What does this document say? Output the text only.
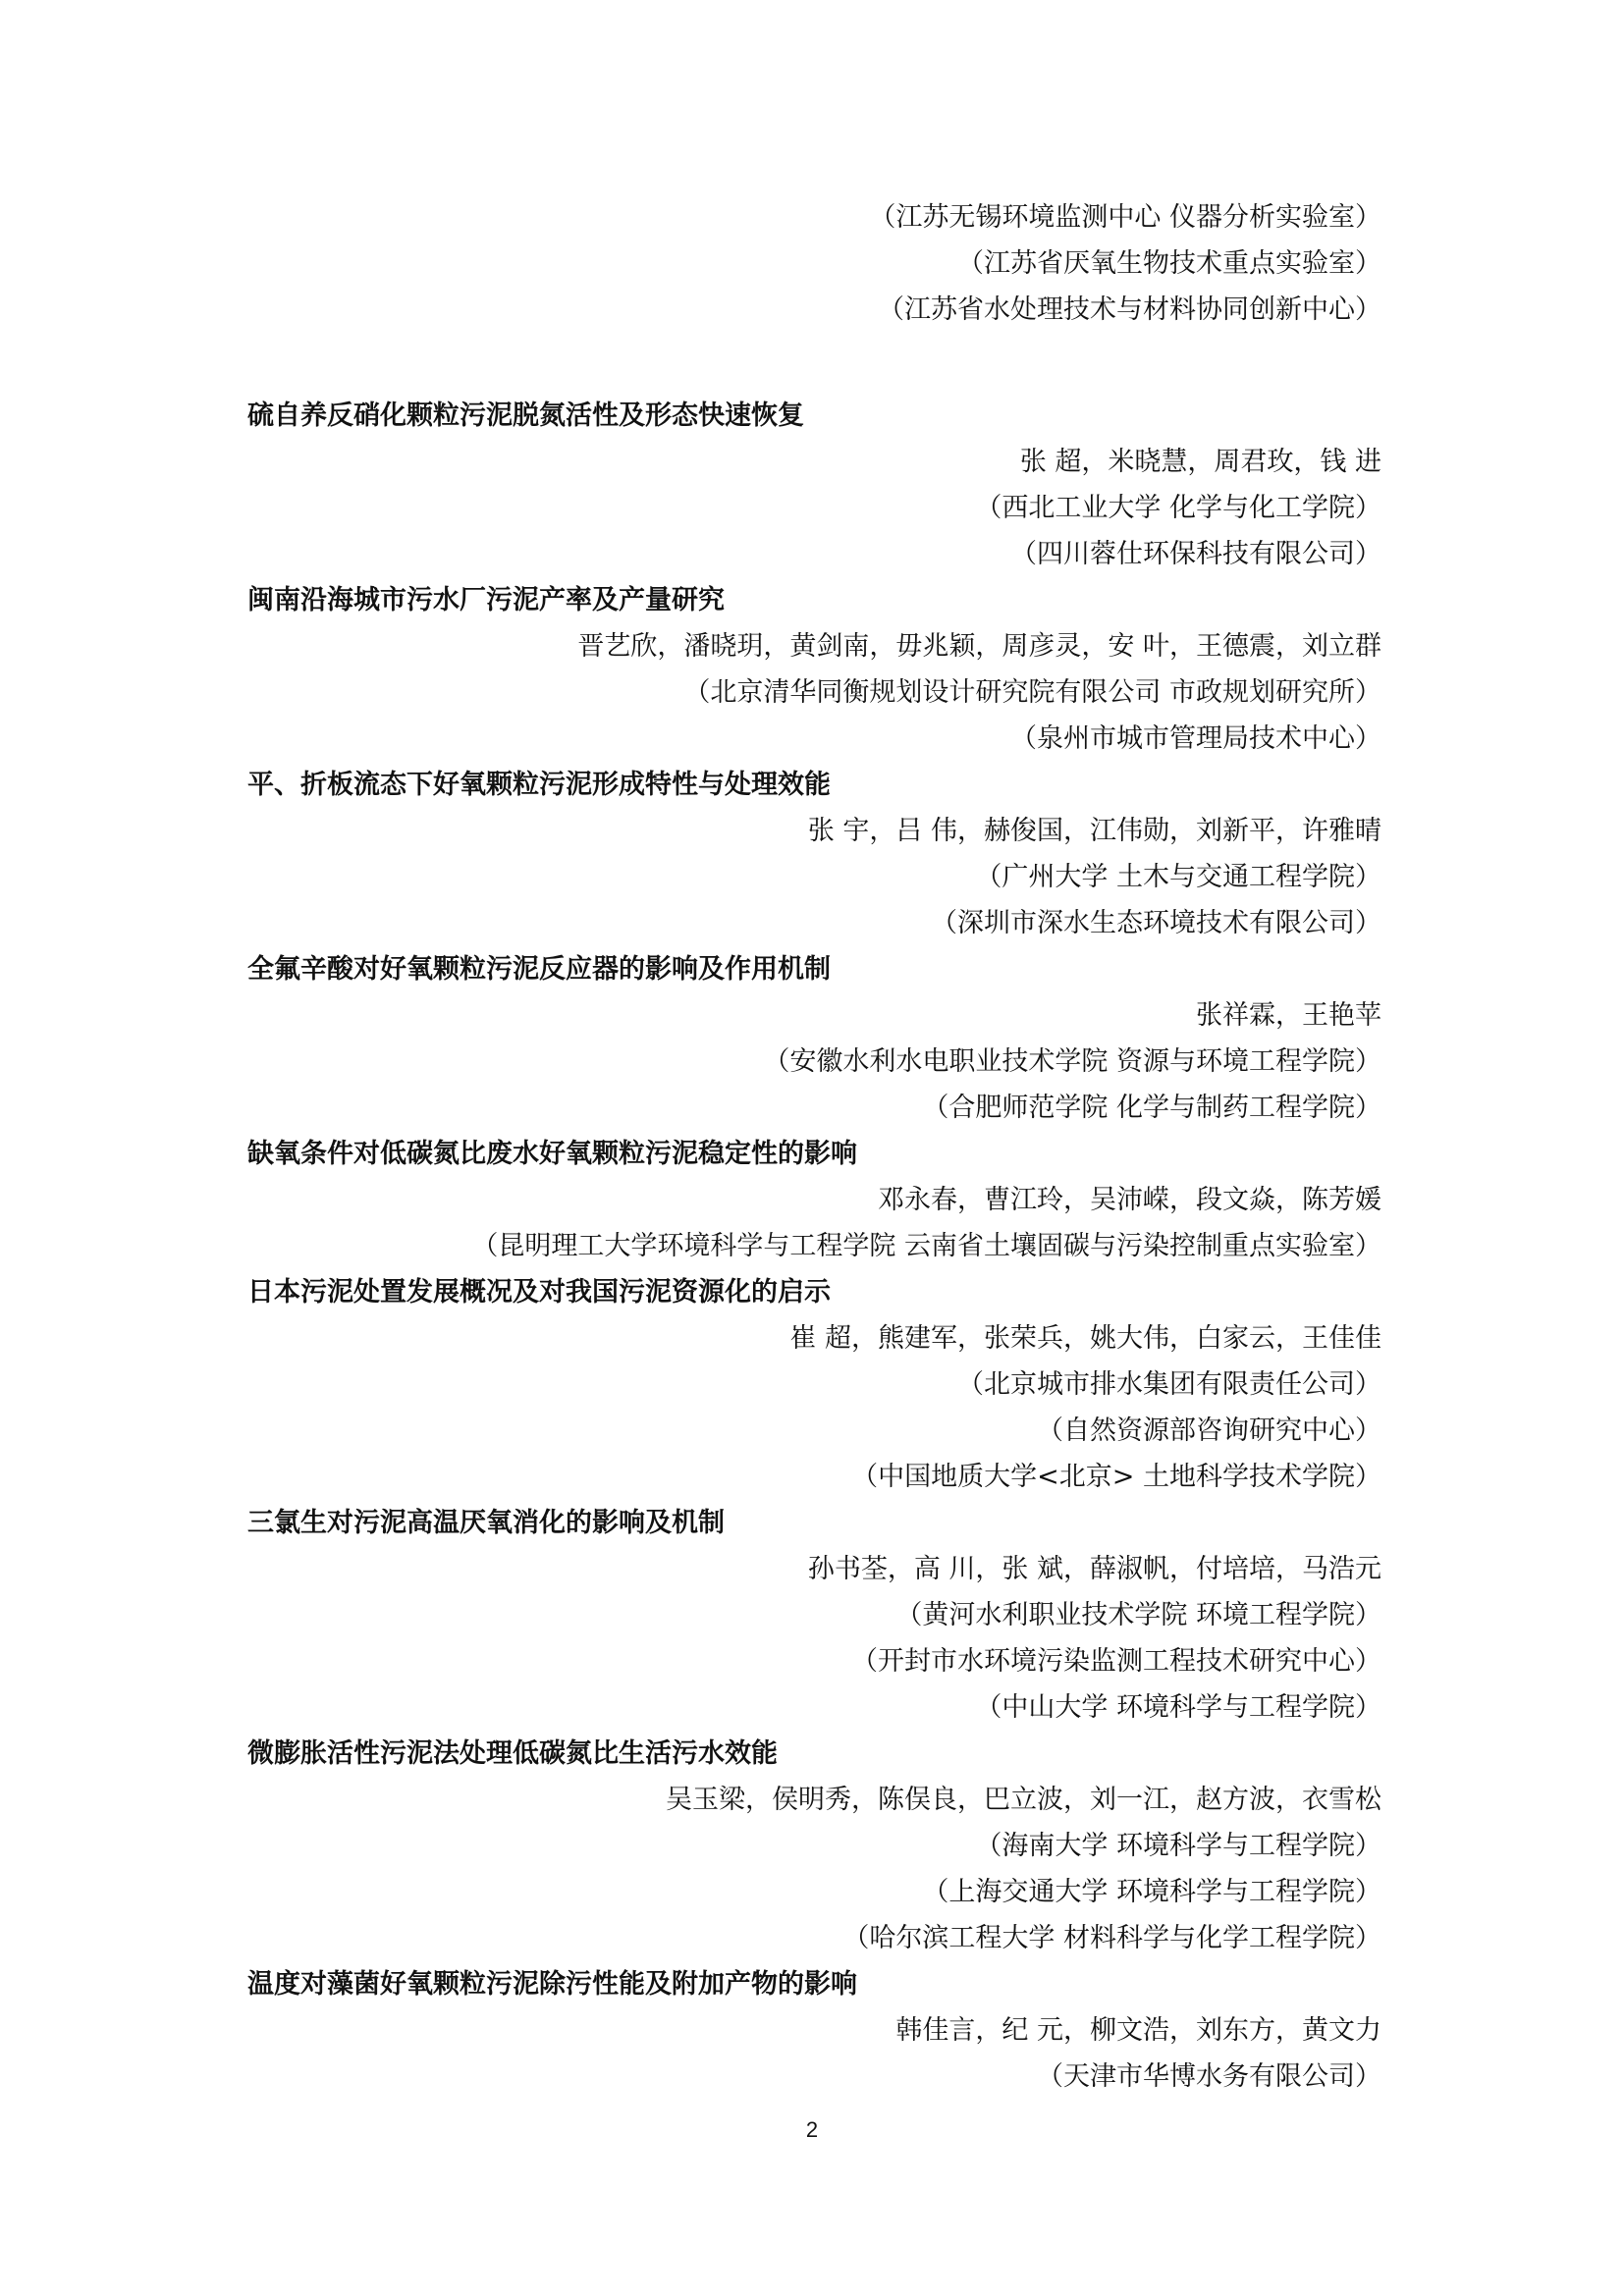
（江苏无锡环境监测中心 仪器分析实验室）
（江苏省厌氧生物技术重点实验室）
（江苏省水处理技术与材料协同创新中心）
硫自养反硝化颗粒污泥脱氮活性及形态快速恢复
张 超，米晓慧，周君玫，钱 进
（西北工业大学 化学与化工学院）
（四川蓉仕环保科技有限公司）
闽南沿海城市污水厂污泥产率及产量研究
晋艺欣，潘晓玥，黄剑南，毋兆颖，周彦灵，安 叶，王德震，刘立群
（北京清华同衡规划设计研究院有限公司 市政规划研究所）
（泉州市城市管理局技术中心）
平、折板流态下好氧颗粒污泥形成特性与处理效能
张 宇，吕 伟，赫俊国，江伟勋，刘新平，许雅晴
（广州大学 土木与交通工程学院）
（深圳市深水生态环境技术有限公司）
全氟辛酸对好氧颗粒污泥反应器的影响及作用机制
张祥霖，王艳苹
（安徽水利水电职业技术学院 资源与环境工程学院）
（合肥师范学院 化学与制药工程学院）
缺氧条件对低碳氮比废水好氧颗粒污泥稳定性的影响
邓永春，曹江玲，吴沛嵘，段文焱，陈芳媛
（昆明理工大学环境科学与工程学院 云南省土壤固碳与污染控制重点实验室）
日本污泥处置发展概况及对我国污泥资源化的启示
崔 超，熊建军，张荣兵，姚大伟，白家云，王佳佳
（北京城市排水集团有限责任公司）
（自然资源部咨询研究中心）
（中国地质大学<北京> 土地科学技术学院）
三氯生对污泥高温厌氧消化的影响及机制
孙书荃，高 川，张 斌，薛淑帆，付培培，马浩元
（黄河水利职业技术学院 环境工程学院）
（开封市水环境污染监测工程技术研究中心）
（中山大学 环境科学与工程学院）
微膨胀活性污泥法处理低碳氮比生活污水效能
吴玉梁，侯明秀，陈俣良，巴立波，刘一江，赵方波，衣雪松
（海南大学 环境科学与工程学院）
（上海交通大学 环境科学与工程学院）
（哈尔滨工程大学 材料科学与化学工程学院）
温度对藻菌好氧颗粒污泥除污性能及附加产物的影响
韩佳言，纪 元，柳文浩，刘东方，黄文力
（天津市华博水务有限公司）
2
